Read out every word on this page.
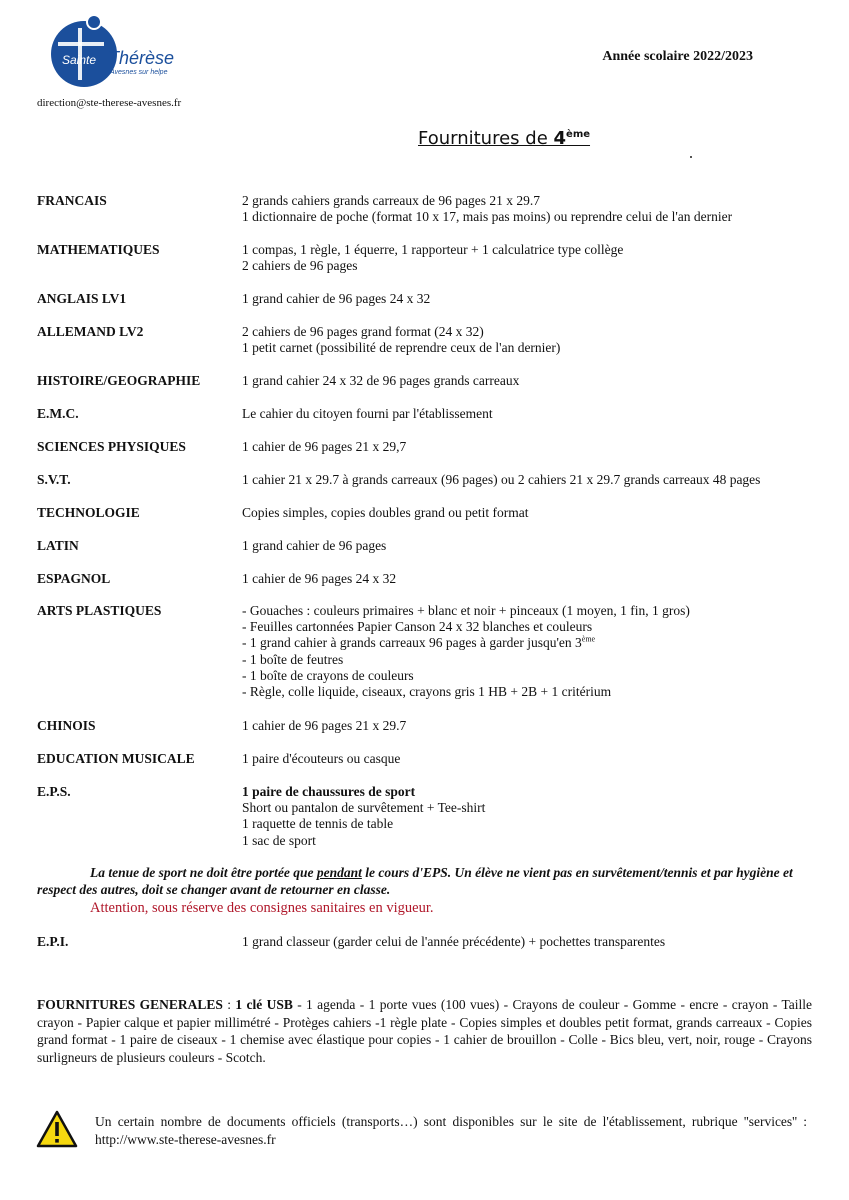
Sainte Thérèse
Avesnes sur helpe
direction@ste-therese-avesnes.fr
Année scolaire 2022/2023
Fournitures de 4ème
FRANCAIS	2 grands cahiers grands carreaux de 96 pages 21 x 29.7
1 dictionnaire de poche (format 10 x 17, mais pas moins) ou reprendre celui de l'an dernier
MATHEMATIQUES	1 compas, 1 règle, 1 équerre, 1 rapporteur + 1 calculatrice type collège
2 cahiers de 96 pages
ANGLAIS LV1	1 grand cahier de 96 pages 24 x 32
ALLEMAND LV2	2 cahiers de 96 pages grand format (24 x 32)
1 petit carnet (possibilité de reprendre ceux de l'an dernier)
HISTOIRE/GEOGRAPHIE	1 grand cahier 24 x 32 de 96 pages grands carreaux
E.M.C.	Le cahier du citoyen fourni par l'établissement
SCIENCES PHYSIQUES	1 cahier de 96 pages 21 x 29,7
S.V.T.	1 cahier 21 x 29.7 à grands carreaux (96 pages) ou 2 cahiers 21 x 29.7 grands carreaux 48 pages
TECHNOLOGIE	Copies simples, copies doubles grand ou petit format
LATIN	1 grand cahier de 96 pages
ESPAGNOL	1 cahier de 96 pages 24 x 32
ARTS PLASTIQUES	- Gouaches : couleurs primaires + blanc et noir + pinceaux (1 moyen, 1 fin, 1 gros)
- Feuilles cartonnées Papier Canson 24 x 32 blanches et couleurs
- 1 grand cahier à grands carreaux 96 pages à garder jusqu'en 3ème
- 1 boîte de feutres
- 1 boîte de crayons de couleurs
- Règle, colle liquide, ciseaux, crayons gris 1 HB + 2B + 1 critérium
CHINOIS	1 cahier de 96 pages 21 x 29.7
EDUCATION MUSICALE	1 paire d'écouteurs ou casque
E.P.S.	1 paire de chaussures de sport
Short ou pantalon de survêtement + Tee-shirt
1 raquette de tennis de table
1 sac de sport
La tenue de sport ne doit être portée que pendant le cours d'EPS. Un élève ne vient pas en survêtement/tennis et par hygiène et respect des autres, doit se changer avant de retourner en classe.
Attention, sous réserve des consignes sanitaires en vigueur.
E.P.I.	1 grand classeur (garder celui de l'année précédente) + pochettes transparentes
FOURNITURES GENERALES : 1 clé USB - 1 agenda - 1 porte vues (100 vues) - Crayons de couleur - Gomme - encre - crayon - Taille crayon - Papier calque et papier millimétré - Protèges cahiers -1 règle plate - Copies simples et doubles petit format, grands carreaux - Copies grand format - 1 paire de ciseaux - 1 chemise avec élastique pour copies - 1 cahier de brouillon - Colle - Bics bleu, vert, noir, rouge - Crayons surligneurs de plusieurs couleurs - Scotch.
Un certain nombre de documents officiels (transports…) sont disponibles sur le site de l'établissement, rubrique ''services'' : http://www.ste-therese-avesnes.fr
